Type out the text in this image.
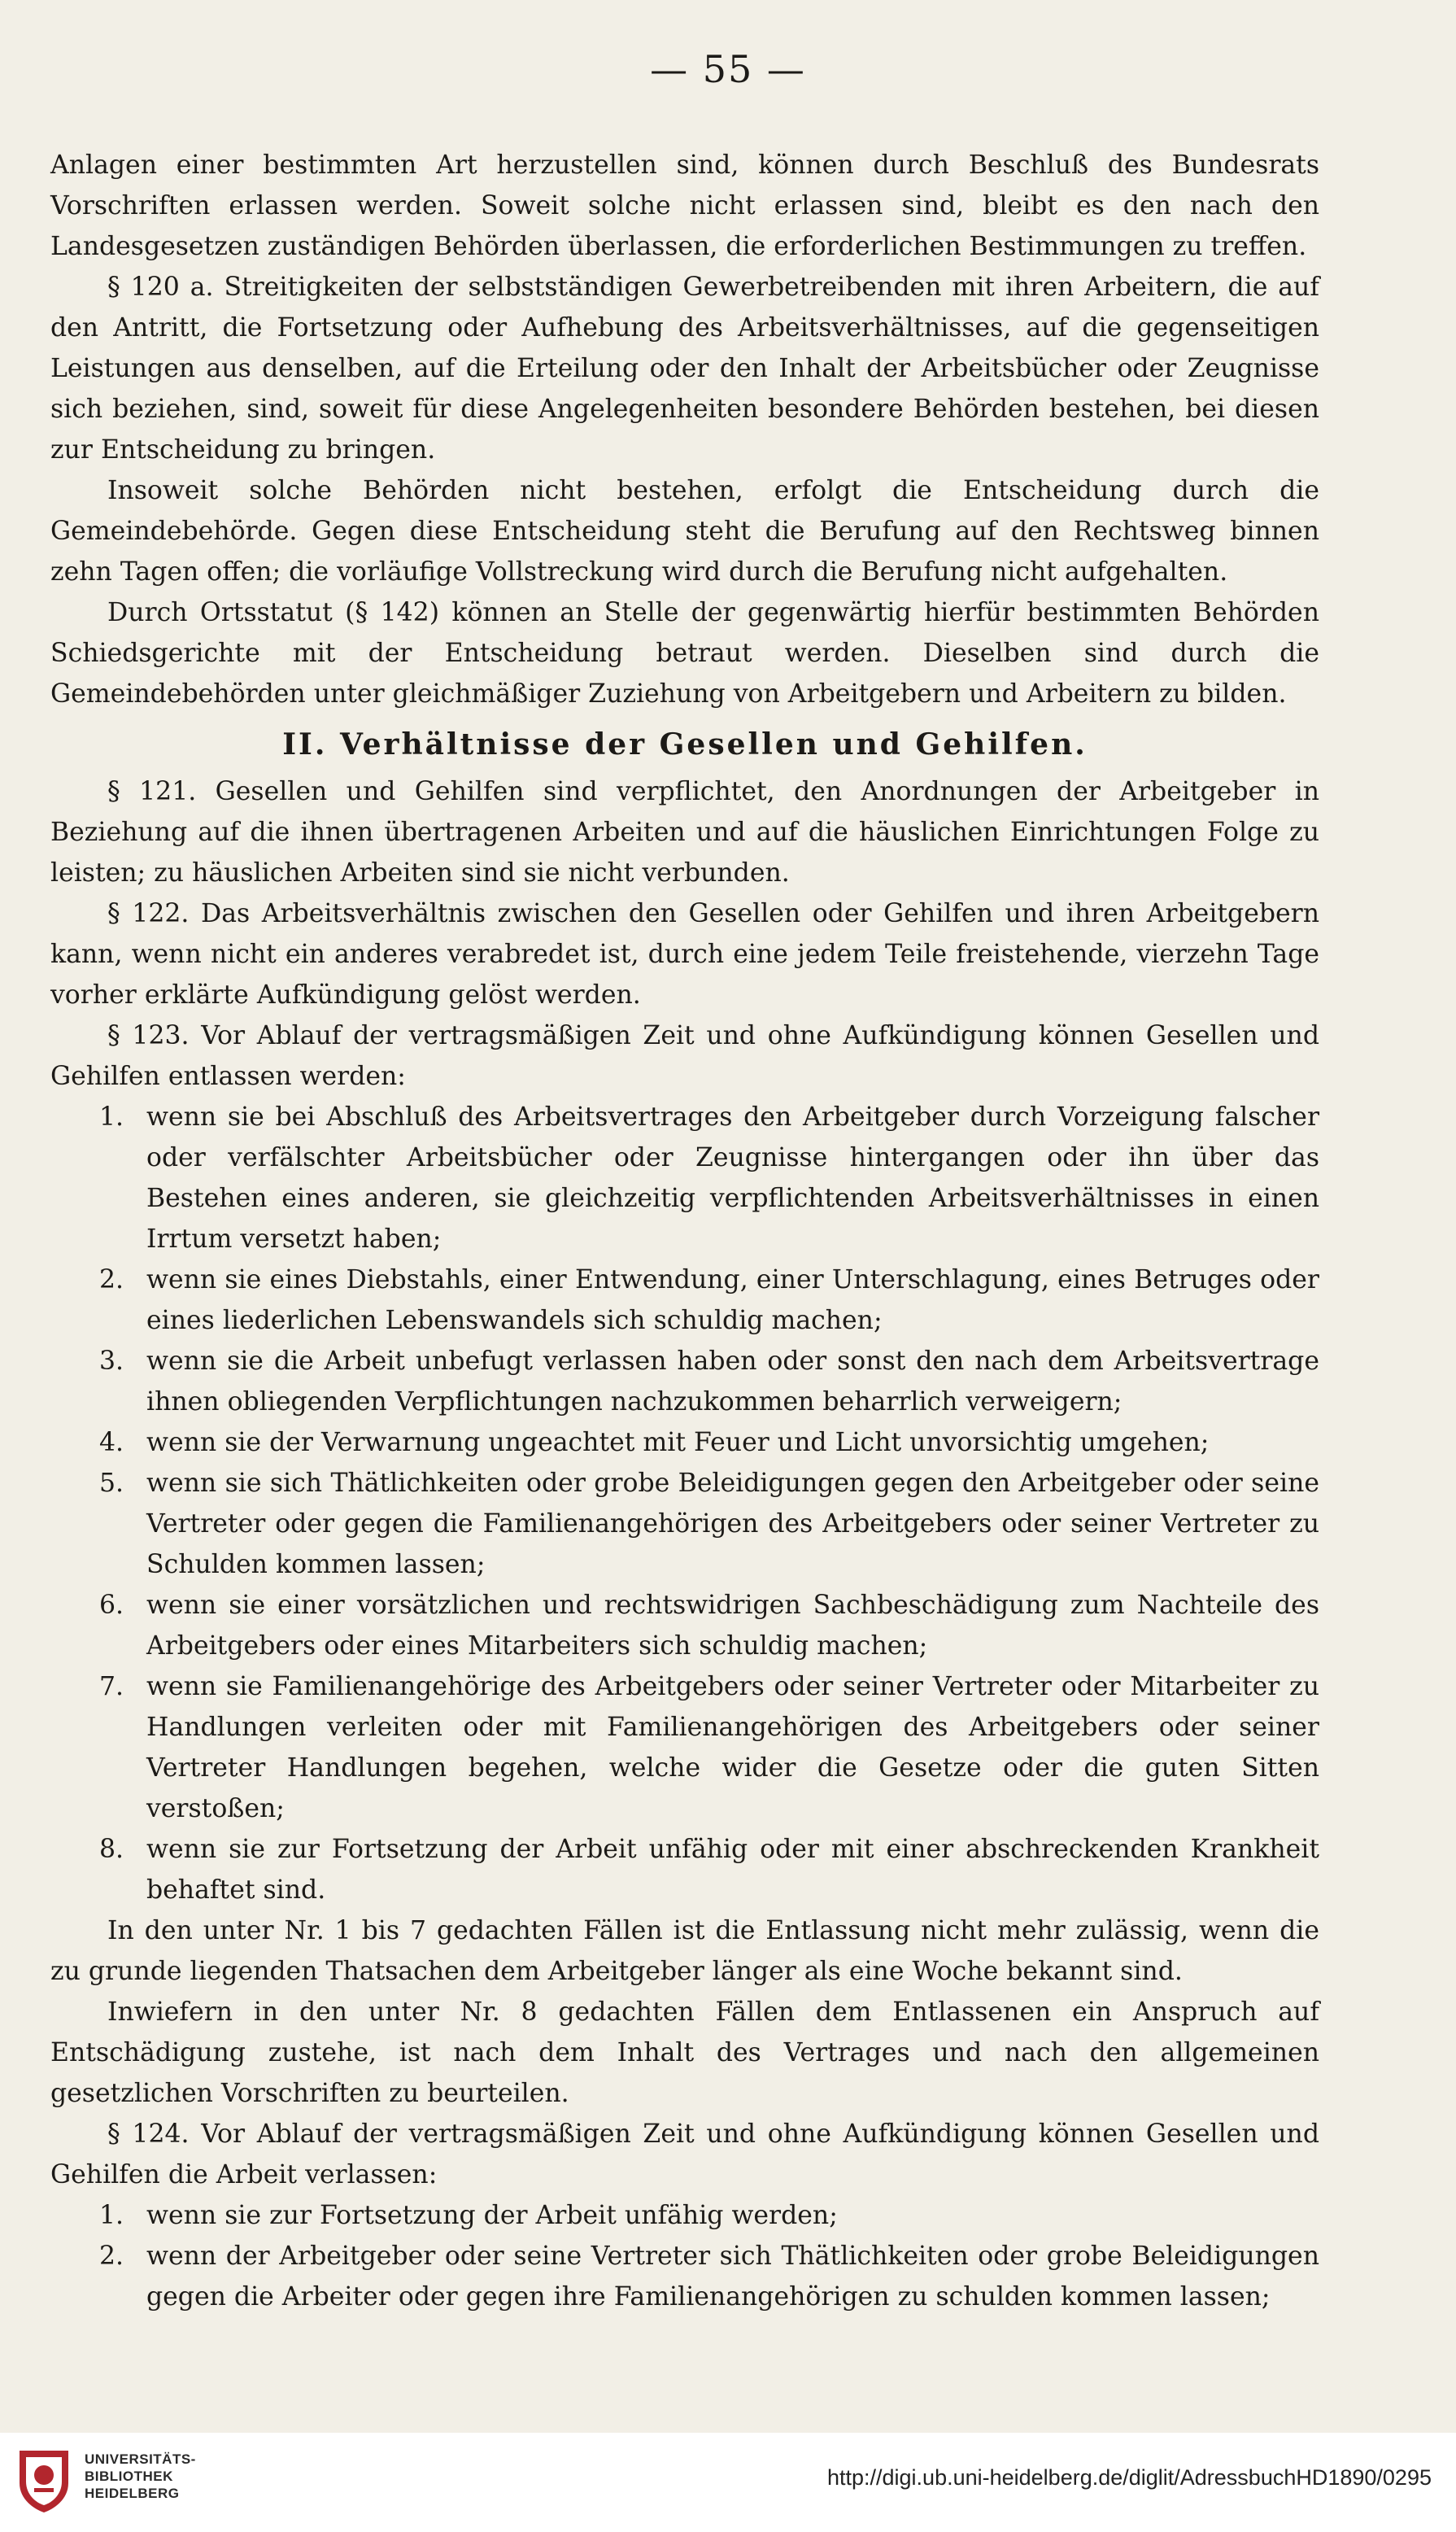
— 55 —

Anlagen einer bestimmten Art herzustellen sind, können durch Beschluß des Bundesrats Vorschriften erlassen werden. Soweit solche nicht erlassen sind, bleibt es den nach den Landesgesetzen zuständigen Behörden überlassen, die erforderlichen Bestimmungen zu treffen.

§ 120 a. Streitigkeiten der selbstständigen Gewerbetreibenden mit ihren Arbeitern, die auf den Antritt, die Fortsetzung oder Aufhebung des Arbeitsverhältnisses, auf die gegenseitigen Leistungen aus denselben, auf die Erteilung oder den Inhalt der Arbeitsbücher oder Zeugnisse sich beziehen, sind, soweit für diese Angelegenheiten besondere Behörden bestehen, bei diesen zur Entscheidung zu bringen.

Insoweit solche Behörden nicht bestehen, erfolgt die Entscheidung durch die Gemeindebehörde. Gegen diese Entscheidung steht die Berufung auf den Rechtsweg binnen zehn Tagen offen; die vorläufige Vollstreckung wird durch die Berufung nicht aufgehalten.

Durch Ortsstatut (§ 142) können an Stelle der gegenwärtig hierfür bestimmten Behörden Schiedsgerichte mit der Entscheidung betraut werden. Dieselben sind durch die Gemeindebehörden unter gleichmäßiger Zuziehung von Arbeitgebern und Arbeitern zu bilden.

II. Verhältnisse der Gesellen und Gehilfen.

§ 121. Gesellen und Gehilfen sind verpflichtet, den Anordnungen der Arbeitgeber in Beziehung auf die ihnen übertragenen Arbeiten und auf die häuslichen Einrichtungen Folge zu leisten; zu häuslichen Arbeiten sind sie nicht verbunden.

§ 122. Das Arbeitsverhältnis zwischen den Gesellen oder Gehilfen und ihren Arbeitgebern kann, wenn nicht ein anderes verabredet ist, durch eine jedem Teile freistehende, vierzehn Tage vorher erklärte Aufkündigung gelöst werden.

§ 123. Vor Ablauf der vertragsmäßigen Zeit und ohne Aufkündigung können Gesellen und Gehilfen entlassen werden:

1. wenn sie bei Abschluß des Arbeitsvertrages den Arbeitgeber durch Vorzeigung falscher oder verfälschter Arbeitsbücher oder Zeugnisse hintergangen oder ihn über das Bestehen eines anderen, sie gleichzeitig verpflichtenden Arbeitsverhältnisses in einen Irrtum versetzt haben;

2. wenn sie eines Diebstahls, einer Entwendung, einer Unterschlagung, eines Betruges oder eines liederlichen Lebenswandels sich schuldig machen;

3. wenn sie die Arbeit unbefugt verlassen haben oder sonst den nach dem Arbeitsvertrage ihnen obliegenden Verpflichtungen nachzukommen beharrlich verweigern;

4. wenn sie der Verwarnung ungeachtet mit Feuer und Licht unvorsichtig umgehen;

5. wenn sie sich Thätlichkeiten oder grobe Beleidigungen gegen den Arbeitgeber oder seine Vertreter oder gegen die Familienangehörigen des Arbeitgebers oder seiner Vertreter zu Schulden kommen lassen;

6. wenn sie einer vorsätzlichen und rechtswidrigen Sachbeschädigung zum Nachteile des Arbeitgebers oder eines Mitarbeiters sich schuldig machen;

7. wenn sie Familienangehörige des Arbeitgebers oder seiner Vertreter oder Mitarbeiter zu Handlungen verleiten oder mit Familienangehörigen des Arbeitgebers oder seiner Vertreter Handlungen begehen, welche wider die Gesetze oder die guten Sitten verstoßen;

8. wenn sie zur Fortsetzung der Arbeit unfähig oder mit einer abschreckenden Krankheit behaftet sind.

In den unter Nr. 1 bis 7 gedachten Fällen ist die Entlassung nicht mehr zulässig, wenn die zu grunde liegenden Thatsachen dem Arbeitgeber länger als eine Woche bekannt sind.

Inwiefern in den unter Nr. 8 gedachten Fällen dem Entlassenen ein Anspruch auf Entschädigung zustehe, ist nach dem Inhalt des Vertrages und nach den allgemeinen gesetzlichen Vorschriften zu beurteilen.

§ 124. Vor Ablauf der vertragsmäßigen Zeit und ohne Aufkündigung können Gesellen und Gehilfen die Arbeit verlassen:

1. wenn sie zur Fortsetzung der Arbeit unfähig werden;

2. wenn der Arbeitgeber oder seine Vertreter sich Thätlichkeiten oder grobe Beleidigungen gegen die Arbeiter oder gegen ihre Familienangehörigen zu schulden kommen lassen;

UNIVERSITÄTS-
BIBLIOTHEK
HEIDELBERG
http://digi.ub.uni-heidelberg.de/diglit/AdressbuchHD1890/0295
